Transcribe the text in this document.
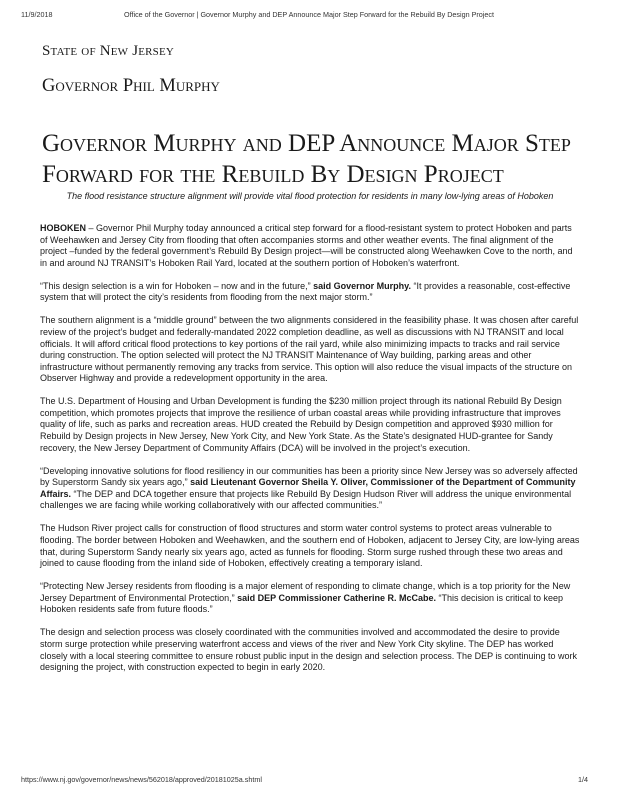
11/9/2018	Office of the Governor | Governor Murphy and DEP Announce Major Step Forward for the Rebuild By Design Project
State of New Jersey
Governor Phil Murphy
Governor Murphy and DEP Announce Major Step Forward for the Rebuild By Design Project

The flood resistance structure alignment will provide vital flood protection for residents in many low-lying areas of Hoboken

HOBOKEN – Governor Phil Murphy today announced a critical step forward for a flood-resistant system to protect Hoboken and parts of Weehawken and Jersey City from flooding that often accompanies storms and other weather events. The final alignment of the project –funded by the federal government’s Rebuild By Design project—will be constructed along Weehawken Cove to the north, and in and around NJ TRANSIT’s Hoboken Rail Yard, located at the southern portion of Hoboken’s waterfront.

“This design selection is a win for Hoboken – now and in the future,” said Governor Murphy. “It provides a reasonable, cost-effective system that will protect the city’s residents from flooding from the next major storm.”

The southern alignment is a “middle ground” between the two alignments considered in the feasibility phase. It was chosen after careful review of the project’s budget and federally-mandated 2022 completion deadline, as well as discussions with NJ TRANSIT and local officials. It will afford critical flood protections to key portions of the rail yard, while also minimizing impacts to tracks and rail service during construction. The option selected will protect the NJ TRANSIT Maintenance of Way building, parking areas and other infrastructure without permanently removing any tracks from service. This option will also reduce the visual impacts of the structure on Observer Highway and provide a redevelopment opportunity in the area.

The U.S. Department of Housing and Urban Development is funding the $230 million project through its national Rebuild By Design competition, which promotes projects that improve the resilience of urban coastal areas while providing infrastructure that improves quality of life, such as parks and recreation areas. HUD created the Rebuild by Design competition and approved $930 million for Rebuild by Design projects in New Jersey, New York City, and New York State. As the State’s designated HUD-grantee for Sandy recovery, the New Jersey Department of Community Affairs (DCA) will be involved in the project’s execution.

“Developing innovative solutions for flood resiliency in our communities has been a priority since New Jersey was so adversely affected by Superstorm Sandy six years ago,” said Lieutenant Governor Sheila Y. Oliver, Commissioner of the Department of Community Affairs. “The DEP and DCA together ensure that projects like Rebuild By Design Hudson River will address the unique environmental challenges we are facing while working collaboratively with our affected communities.”

The Hudson River project calls for construction of flood structures and storm water control systems to protect areas vulnerable to flooding. The border between Hoboken and Weehawken, and the southern end of Hoboken, adjacent to Jersey City, are low-lying areas that, during Superstorm Sandy nearly six years ago, acted as funnels for flooding. Storm surge rushed through these two areas and joined to cause flooding from the inland side of Hoboken, effectively creating a temporary island.

“Protecting New Jersey residents from flooding is a major element of responding to climate change, which is a top priority for the New Jersey Department of Environmental Protection,” said DEP Commissioner Catherine R. McCabe. “This decision is critical to keep Hoboken residents safe from future floods.”

The design and selection process was closely coordinated with the communities involved and accommodated the desire to provide storm surge protection while preserving waterfront access and views of the river and New York City skyline. The DEP has worked closely with a local steering committee to ensure robust public input in the design and selection process. The DEP is continuing to work designing the project, with construction expected to begin in early 2020.

https://www.nj.gov/governor/news/news/562018/approved/20181025a.shtml	1/4
